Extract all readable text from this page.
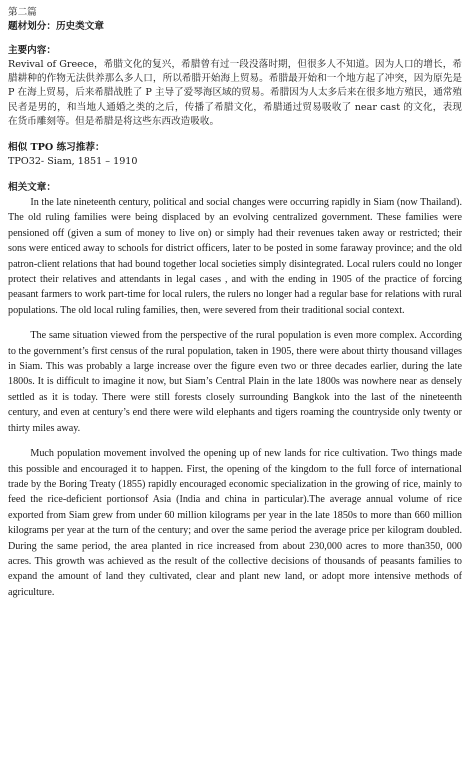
第二篇

题材划分：历史类文章

主要内容：

Revival of Greece，希腊文化的复兴，希腊曾有过一段没落时期，但很多人不知道。因为人口的增长，希腊耕种的作物无法供养那么多人口，所以希腊开始海上贸易。希腊最开始和一个地方起了冲突，因为原先是 P 在海上贸易，后来希腊战胜了 P 主导了爱琴海区域的贸易。希腊因为人太多后来在很多地方殖民，通常殖民者是男的，和当地人通婚之类的之后，传播了希腊文化，希腊通过贸易吸收了 near cast 的文化，表现在货币雕刻等。但是希腊是将这些东西改造吸收。

相似 TPO 练习推荐：

TPO32- Siam, 1851 – 1910

相关文章：

In the late nineteenth century, political and social changes were occurring rapidly in Siam (now Thailand). The old ruling families were being displaced by an evolving centralized government. These families were pensioned off (given a sum of money to live on) or simply had their revenues taken away or restricted; their sons were enticed away to schools for district officers, later to be posted in some faraway province; and the old patron-client relations that had bound together local societies simply disintegrated. Local rulers could no longer protect their relatives and attendants in legal cases , and with the ending in 1905 of the practice of forcing peasant farmers to work part-time for local rulers, the rulers no longer had a regular base for relations with rural populations. The old local ruling families, then, were severed from their traditional social context.

The same situation viewed from the perspective of the rural population is even more complex. According to the government’s first census of the rural population, taken in 1905, there were about thirty thousand villages in Siam. This was probably a large increase over the figure even two or three decades earlier, during the late 1800s. It is difficult to imagine it now, but Siam’s Central Plain in the late 1800s was nowhere near as densely settled as it is today. There were still forests closely surrounding Bangkok into the last of the nineteenth century, and even at century’s end there were wild elephants and tigers roaming the countryside only twenty or thirty miles away.

Much population movement involved the opening up of new lands for rice cultivation. Two things made this possible and encouraged it to happen. First, the opening of the kingdom to the full force of international trade by the Boring Treaty (1855) rapidly encouraged economic specialization in the growing of rice, mainly to feed the rice-deficient portionsof Asia (India and china in particular).The average annual volume of rice exported from Siam grew from under 60 million kilograms per year in the late 1850s to more than 660 million kilograms per year at the turn of the century; and over the same period the average price per kilogram doubled. During the same period, the area planted in rice increased from about 230,000 acres to more than350, 000 acres. This growth was achieved as the result of the collective decisions of thousands of peasants families to expand the amount of land they cultivated, clear and plant new land, or adopt more intensive methods of agriculture.
